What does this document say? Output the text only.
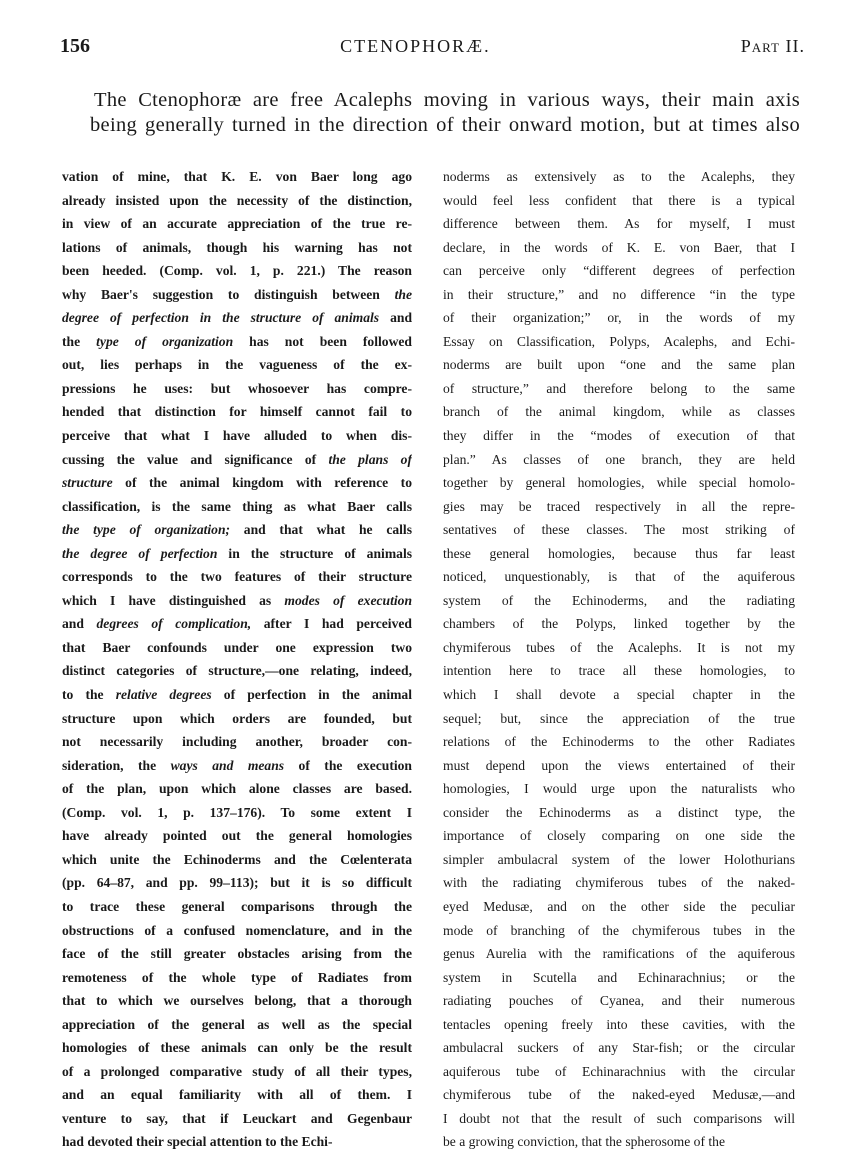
156	CTENOPHORÆ.	Part II.
The Ctenophoræ are free Acalephs moving in various ways, their main axis
being generally turned in the direction of their onward motion, but at times also
vation of mine, that K. E. von Baer long ago
already insisted upon the necessity of the distinction,
in view of an accurate appreciation of the true re-
lations of animals, though his warning has not
been heeded. (Comp. vol. 1, p. 221.) The reason
why Baer's suggestion to distinguish between the
degree of perfection in the structure of animals and
the type of organization has not been followed
out, lies perhaps in the vagueness of the ex-
pressions he uses: but whosoever has compre-
hended that distinction for himself cannot fail to
perceive that what I have alluded to when dis-
cussing the value and significance of the plans of
structure of the animal kingdom with reference to
classification, is the same thing as what Baer calls
the type of organization; and that what he calls
the degree of perfection in the structure of animals
corresponds to the two features of their structure
which I have distinguished as modes of execution
and degrees of complication, after I had perceived
that Baer confounds under one expression two
distinct categories of structure,—one relating, indeed,
to the relative degrees of perfection in the animal
structure upon which orders are founded, but
not necessarily including another, broader con-
sideration, the ways and means of the execution
of the plan, upon which alone classes are based.
(Comp. vol. 1, p. 137–176). To some extent I
have already pointed out the general homologies
which unite the Echinoderms and the Cœlenterata
(pp. 64–87, and pp. 99–113); but it is so difficult
to trace these general comparisons through the
obstructions of a confused nomenclature, and in the
face of the still greater obstacles arising from the
remoteness of the whole type of Radiates from
that to which we ourselves belong, that a thorough
appreciation of the general as well as the special
homologies of these animals can only be the result
of a prolonged comparative study of all their types,
and an equal familiarity with all of them. I
venture to say, that if Leuckart and Gegenbaur
had devoted their special attention to the Echi-
noderms as extensively as to the Acalephs, they
would feel less confident that there is a typical
difference between them. As for myself, I must
declare, in the words of K. E. von Baer, that I
can perceive only “different degrees of perfection
in their structure,” and no difference “in the type
of their organization;” or, in the words of my
Essay on Classification, Polyps, Acalephs, and Echi-
noderms are built upon “one and the same plan
of structure,” and therefore belong to the same
branch of the animal kingdom, while as classes
they differ in the “modes of execution of that
plan.” As classes of one branch, they are held
together by general homologies, while special homolo-
gies may be traced respectively in all the repre-
sentatives of these classes. The most striking of
these general homologies, because thus far least
noticed, unquestionably, is that of the aquiferous
system of the Echinoderms, and the radiating
chambers of the Polyps, linked together by the
chymiferous tubes of the Acalephs. It is not my
intention here to trace all these homologies, to
which I shall devote a special chapter in the
sequel; but, since the appreciation of the true
relations of the Echinoderms to the other Radiates
must depend upon the views entertained of their
homologies, I would urge upon the naturalists who
consider the Echinoderms as a distinct type, the
importance of closely comparing on one side the
simpler ambulacral system of the lower Holothurians
with the radiating chymiferous tubes of the naked-
eyed Medusæ, and on the other side the peculiar
mode of branching of the chymiferous tubes in the
genus Aurelia with the ramifications of the aquiferous
system in Scutella and Echinarachnius; or the
radiating pouches of Cyanea, and their numerous
tentacles opening freely into these cavities, with the
ambulacral suckers of any Star-fish; or the circular
aquiferous tube of Echinarachnius with the circular
chymiferous tube of the naked-eyed Medusæ,—and
I doubt not that the result of such comparisons will
be a growing conviction, that the spherosome of the
